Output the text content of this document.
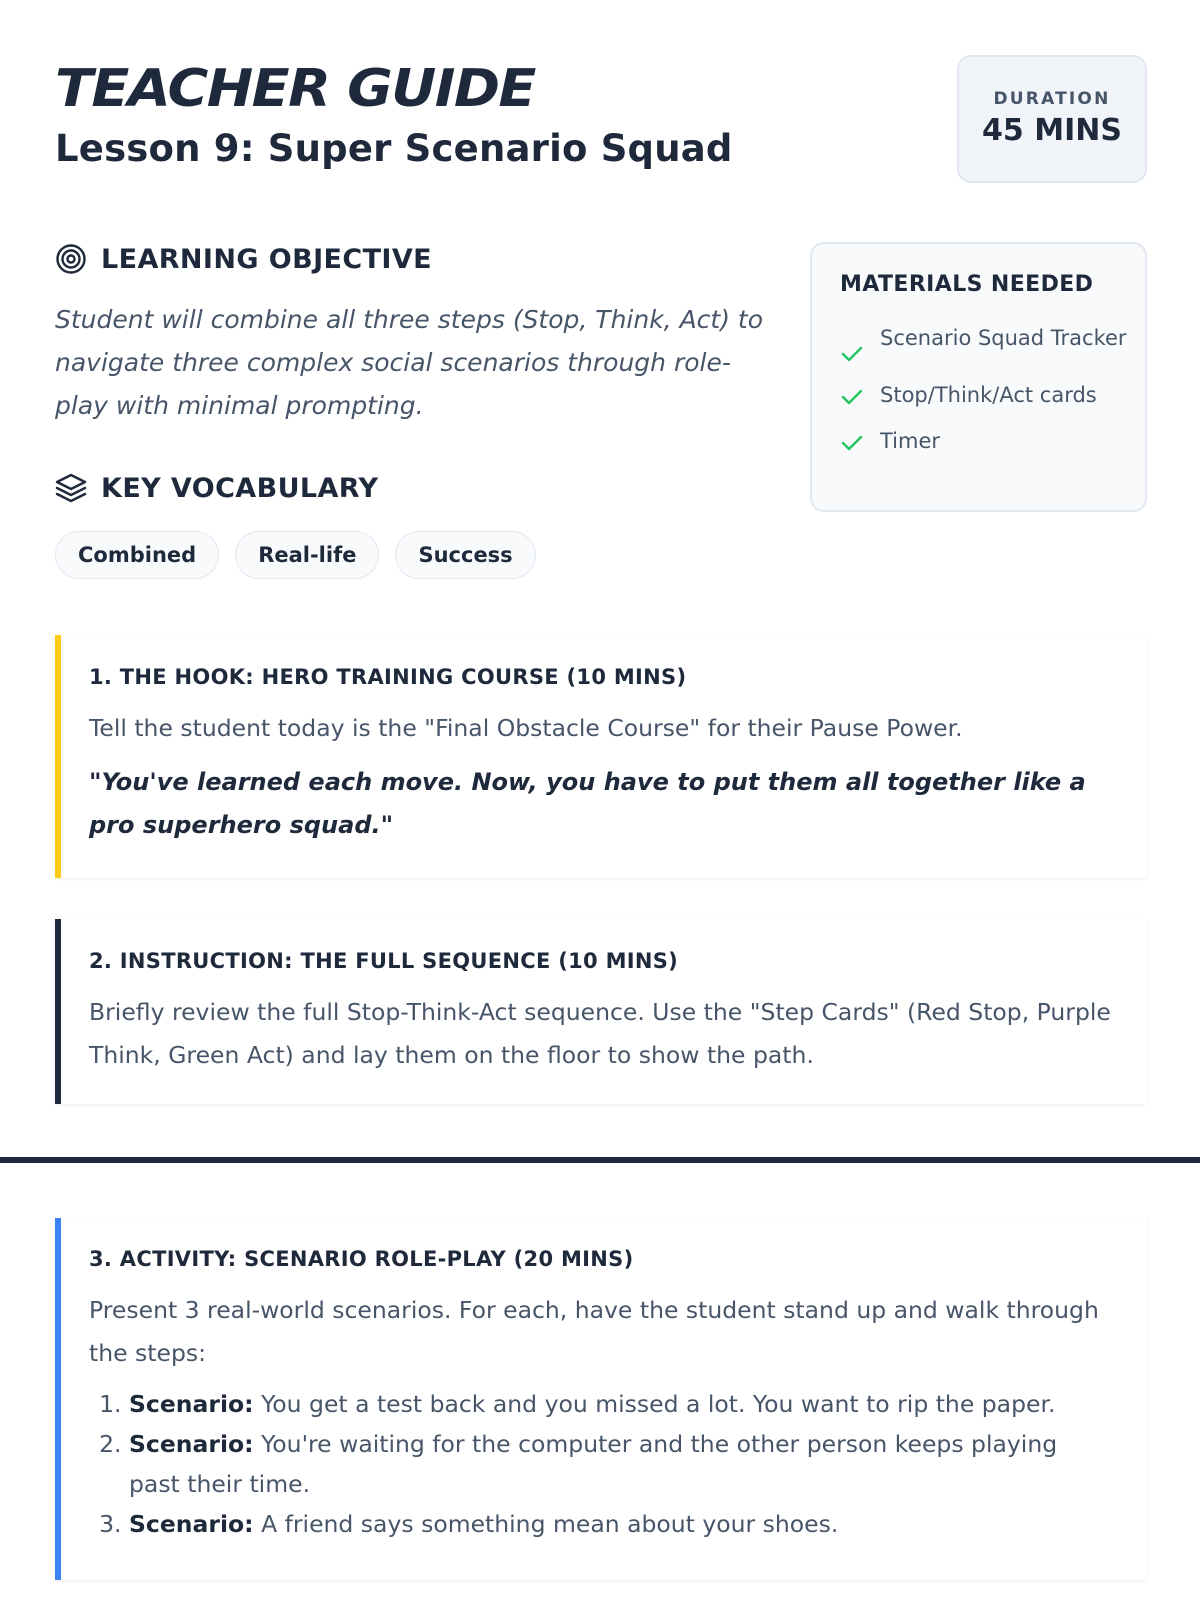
TEACHER GUIDE
Lesson 9: Super Scenario Squad
DURATION
45 MINS
LEARNING OBJECTIVE
Student will combine all three steps (Stop, Think, Act) to navigate three complex social scenarios through role-play with minimal prompting.
KEY VOCABULARY
Combined	Real-life	Success
MATERIALS NEEDED
Scenario Squad Tracker
Stop/Think/Act cards
Timer
1. THE HOOK: HERO TRAINING COURSE (10 MINS)
Tell the student today is the "Final Obstacle Course" for their Pause Power.
"You've learned each move. Now, you have to put them all together like a pro superhero squad."
2. INSTRUCTION: THE FULL SEQUENCE (10 MINS)
Briefly review the full Stop-Think-Act sequence. Use the "Step Cards" (Red Stop, Purple Think, Green Act) and lay them on the floor to show the path.
3. ACTIVITY: SCENARIO ROLE-PLAY (20 MINS)
Present 3 real-world scenarios. For each, have the student stand up and walk through the steps:
1. Scenario: You get a test back and you missed a lot. You want to rip the paper.
2. Scenario: You're waiting for the computer and the other person keeps playing past their time.
3. Scenario: A friend says something mean about your shoes.
